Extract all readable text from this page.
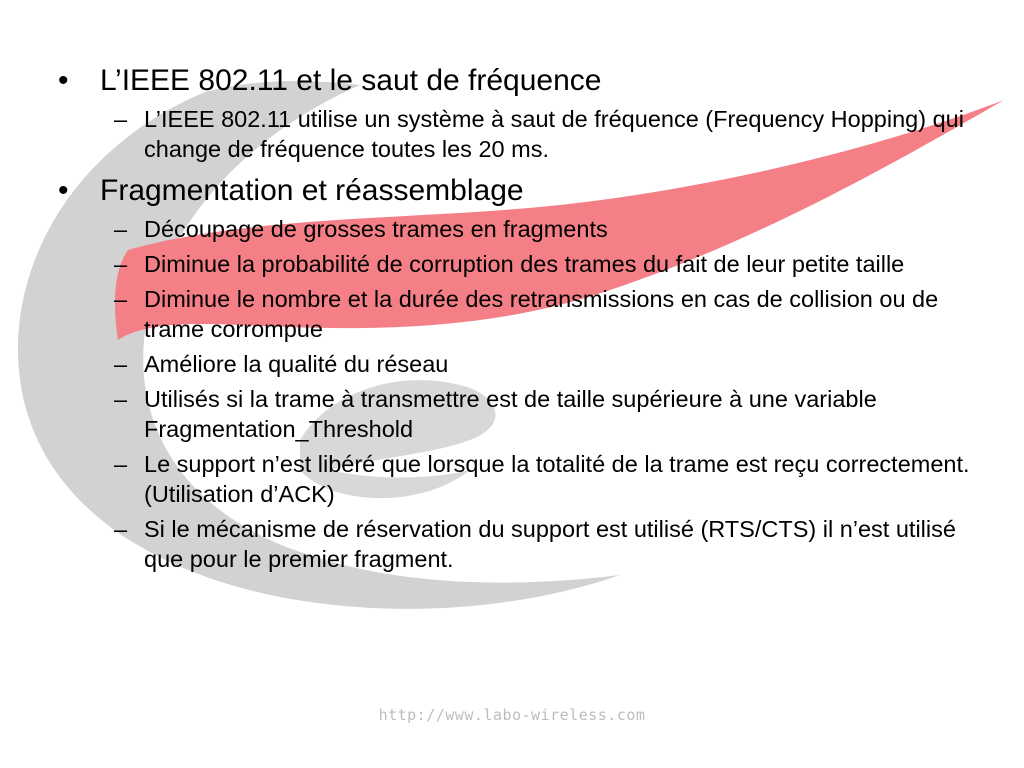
• L’IEEE 802.11 et le saut de fréquence
– L’IEEE 802.11 utilise un système à saut de fréquence (Frequency Hopping) qui change de fréquence toutes les 20 ms.
• Fragmentation et réassemblage
– Découpage de grosses trames en fragments
– Diminue la probabilité de corruption des trames du fait de leur petite taille
– Diminue le nombre et la durée des retransmissions en cas de collision ou de trame corrompue
– Améliore la qualité du réseau
– Utilisés si la trame à transmettre est de taille supérieure à une variable Fragmentation_Threshold
– Le support n’est libéré que lorsque la totalité de la trame est reçu correctement. (Utilisation d’ACK)
– Si le mécanisme de réservation du support est utilisé (RTS/CTS) il n’est utilisé que pour le premier fragment.
http://www.labo-wireless.com
